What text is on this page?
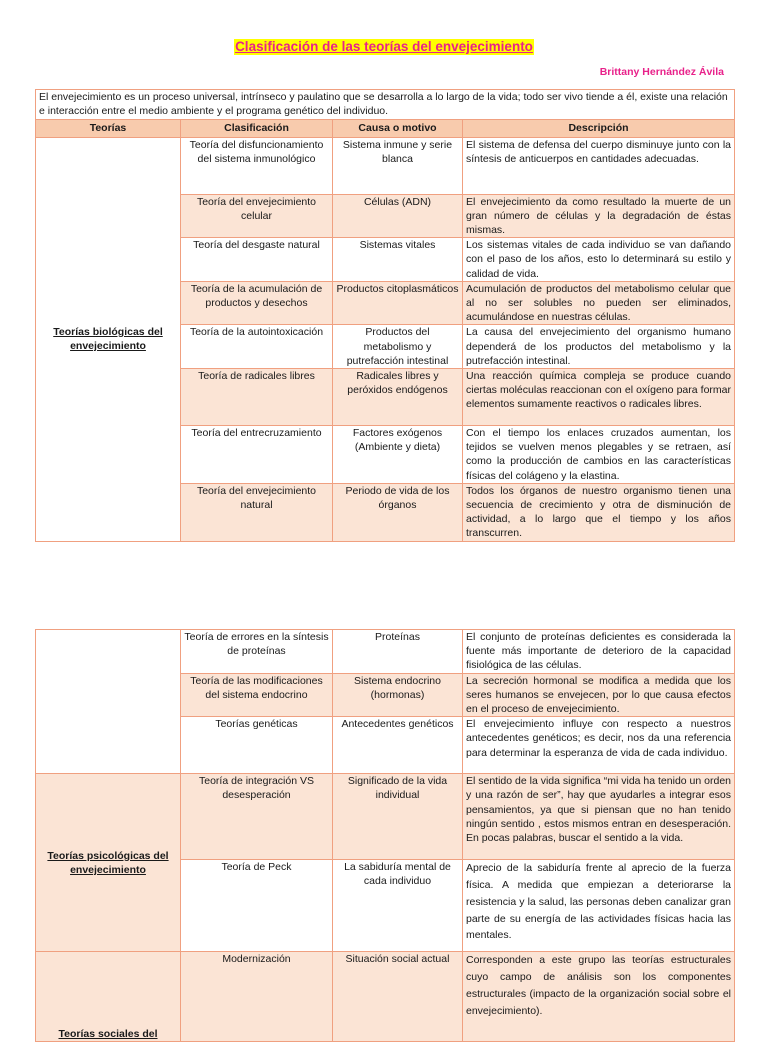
Clasificación de las teorías del envejecimiento
Brittany Hernández Ávila
El envejecimiento es un proceso universal, intrínseco y paulatino que se desarrolla a lo largo de la vida; todo ser vivo tiende a él, existe una relación e interacción entre el medio ambiente y el programa genético del individuo.			
Teorías	Clasificación	Causa o motivo	Descripción
Teorías biológicas del envejecimiento	Teoría del disfuncionamiento del sistema inmunológico	Sistema inmune y serie blanca	El sistema de defensa del cuerpo disminuye junto con la síntesis de anticuerpos en cantidades adecuadas.
	Teoría del envejecimiento celular	Células (ADN)	El envejecimiento da como resultado la muerte de un gran número de células y la degradación de éstas mismas.
	Teoría del desgaste natural	Sistemas vitales	Los sistemas vitales de cada individuo se van dañando con el paso de los años, esto lo determinará su estilo y calidad de vida.
	Teoría de la acumulación de productos y desechos	Productos citoplasmáticos	Acumulación de productos del metabolismo celular que al no ser solubles no pueden ser eliminados, acumulándose en nuestras células.
	Teoría de la autointoxicación	Productos del metabolismo y putrefacción intestinal	La causa del envejecimiento del organismo humano dependerá de los productos del metabolismo y la putrefacción intestinal.
	Teoría de radicales libres	Radicales libres y peróxidos endógenos	Una reacción química compleja se produce cuando ciertas moléculas reaccionan con el oxígeno para formar elementos sumamente reactivos o radicales libres.
	Teoría del entrecruzamiento	Factores exógenos (Ambiente y dieta)	Con el tiempo los enlaces cruzados aumentan, los tejidos se vuelven menos plegables y se retraen, así como la producción de cambios en las características físicas del colágeno y la elastina.
	Teoría del envejecimiento natural	Periodo de vida de los órganos	Todos los órganos de nuestro organismo tienen una secuencia de crecimiento y otra de disminución de actividad, a lo largo que el tiempo y los años transcurren.
	Teoría de errores en la síntesis de proteínas	Proteínas	El conjunto de proteínas deficientes es considerada la fuente más importante de deterioro de la capacidad fisiológica de las células.
	Teoría de las modificaciones del sistema endocrino	Sistema endocrino (hormonas)	La secreción hormonal se modifica a medida que los seres humanos se envejecen, por lo que causa efectos en el proceso de envejecimiento.
	Teorías genéticas	Antecedentes genéticos	El envejecimiento influye con respecto a nuestros antecedentes genéticos; es decir, nos da una referencia para determinar la esperanza de vida de cada individuo.
Teorías psicológicas del envejecimiento	Teoría de integración VS desesperación	Significado de la vida individual	El sentido de la vida significa “mi vida ha tenido un orden y una razón de ser”, hay que ayudarles a integrar esos pensamientos, ya que si piensan que no han tenido ningún sentido , estos mismos entran en desesperación. En pocas palabras, buscar el sentido a la vida.
	Teoría de Peck	La sabiduría mental de cada individuo	Aprecio de la sabiduría frente al aprecio de la fuerza física. A medida que empiezan a deteriorarse la resistencia y la salud, las personas deben canalizar gran parte de su energía de las actividades físicas hacia las mentales.
Teorías sociales del	Modernización	Situación social actual	Corresponden a este grupo las teorías estructurales cuyo campo de análisis son los componentes estructurales (impacto de la organización social sobre el envejecimiento).
